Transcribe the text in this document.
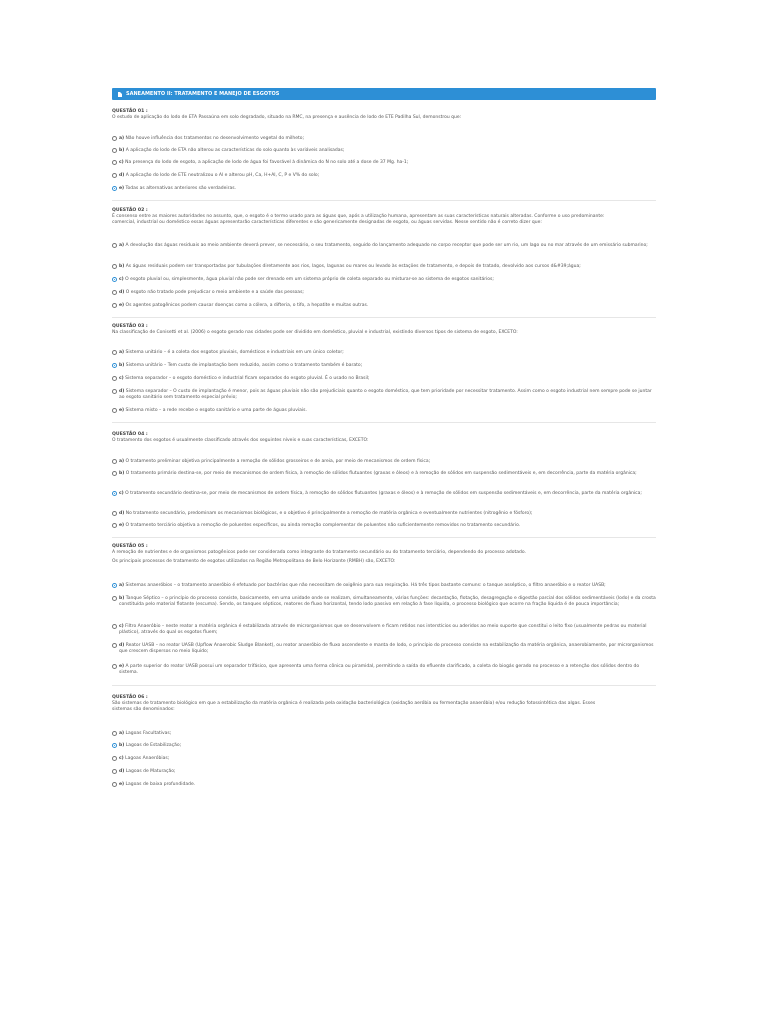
SANEAMENTO II: TRATAMENTO E MANEJO DE ESGOTOS
QUESTÃO 01 :
O estudo de aplicação do lodo de ETA Passaúna em solo degradado, situado na RMC, na presença e ausência de lodo de ETE Padilha Sul, demonstrou que:
a) Não houve influência dos tratamentos no desenvolvimento vegetal do milheto;
b) A aplicação do lodo de ETA não alterou as características do solo quanto às variáveis analisadas;
c) Na presença do lodo de esgoto, a aplicação de lodo de água foi favorável à dinâmica do N no solo até a dose de 37 Mg. ha-1;
d) A aplicação do lodo de ETE neutralizou o Al e alterou pH, Ca, H+Al, C, P e V% do solo;
e) Todas as alternativas anteriores são verdadeiras.
QUESTÃO 02 :
É consenso entre as maiores autoridades no assunto, que, o esgoto é o termo usado para as águas que, após a utilização humana, apresentam as suas características naturais alteradas. Conforme o uso predominante:
comercial, industrial ou doméstico essas águas apresentarão características diferentes e são genericamente designadas de esgoto, ou águas servidas. Nesse sentido não é correto dizer que:
a) A devolução das águas residuais ao meio ambiente deverá prever, se necessário, o seu tratamento, seguido do lançamento adequado no corpo receptor que pode ser um rio, um lago ou no mar através de um emissário submarino;
b) As águas residuais podem ser transportadas por tubulações diretamente aos rios, lagos, lagunas ou mares ou levado às estações de tratamento, e depois de tratado, devolvido aos cursos d&#39;água;
c) O esgoto pluvial ou, simplesmente, água pluvial não pode ser drenado em um sistema próprio de coleta separado ou misturar-se ao sistema de esgotos sanitários;
d) O esgoto não tratado pode prejudicar o meio ambiente e a saúde das pessoas;
e) Os agentes patogênicos podem causar doenças como a cólera, a difteria, o tifo, a hepatite e muitas outras.
QUESTÃO 03 :
Na classificação de Conisetti et al. (2006) o esgoto gerado nas cidades pode ser dividido em doméstico, pluvial e industrial, existindo diversos tipos de sistema de esgoto, EXCETO:
a) Sistema unitário – é a coleta dos esgotos pluviais, domésticos e industriais em um único coletor;
b) Sistema unitário – Tem custo de implantação bem reduzido, assim como o tratamento também é barato;
c) Sistema separador – o esgoto doméstico e industrial ficam separados do esgoto pluvial. É o usado no Brasil;
d) Sistema separador – O custo de implantação é menor, pois as águas pluviais não são prejudiciais quanto o esgoto doméstico, que tem prioridade por necessitar tratamento. Assim como o esgoto industrial nem sempre pode se juntar ao esgoto sanitário sem tratamento especial prévio;
e) Sistema misto – a rede recebe o esgoto sanitário e uma parte de águas pluviais.
QUESTÃO 04 :
O tratamento dos esgotos é usualmente classificado através dos seguintes níveis e suas características, EXCETO:
a) O tratamento preliminar objetiva principalmente a remoção de sólidos grosseiros e de areia, por meio de mecanismos de ordem física;
b) O tratamento primário destina-se, por meio de mecanismos de ordem física, à remoção de sólidos flutuantes (graxas e óleos) e à remoção de sólidos em suspensão sedimentáveis e, em decorrência, parte da matéria orgânica;
c) O tratamento secundário destina-se, por meio de mecanismos de ordem física, à remoção de sólidos flutuantes (graxas e óleos) e à remoção de sólidos em suspensão sedimentáveis e, em decorrência, parte da matéria orgânica;
d) No tratamento secundário, predominam os mecanismos biológicos, e o objetivo é principalmente a remoção de matéria orgânica e eventualmente nutrientes (nitrogênio e fósforo);
e) O tratamento terciário objetiva a remoção de poluentes específicos, ou ainda remoção complementar de poluentes não suficientemente removidos no tratamento secundário.
QUESTÃO 05 :
A remoção de nutrientes e de organismos patogênicos pode ser considerada como integrante do tratamento secundário ou do tratamento terciário, dependendo do processo adotado.
Os principais processos de tratamento de esgotos utilizados na Região Metropolitana de Belo Horizonte (RMBH) são, EXCETO:
a) Sistemas anaeróbios – o tratamento anaeróbio é efetuado por bactérias que não necessitam de oxigênio para sua respiração. Há três tipos bastante comuns: o tanque asséptico, o filtro anaeróbio e o reator UASB;
b) Tanque Séptico – o princípio do processo consiste, basicamente, em uma unidade onde se realizam, simultaneamente, várias funções: decantação, flotação, desagregação e digestão parcial dos sólidos sedimentáveis (lodo) e da crosta constituída pelo material flotante (escuma). Sendo, os tanques sépticos, reatores de fluxo horizontal, tendo lodo passivo em relação à fase líquida, o processo biológico que ocorre na fração líquida é de pouca importância;
c) Filtro Anaeróbio – neste reator a matéria orgânica é estabilizada através de microrganismos que se desenvolvem e ficam retidos nos interstícios ou aderidos ao meio suporte que constitui o leito fixo (usualmente pedras ou material plástico), através do qual os esgotos fluem;
d) Reator UASB – no reator UASB (Upflow Anaerobic Sludge Blanket), ou reator anaeróbio de fluxo ascendente e manta de lodo, o princípio do processo consiste na estabilização da matéria orgânica, anaerobiamente, por microrganismos que crescem dispersos no meio líquido;
e) A parte superior do reator UASB possui um separador trifásico, que apresenta uma forma cônica ou piramidal, permitindo a saída do efluente clarificado, a coleta do biogás gerado no processo e a retenção dos sólidos dentro do sistema.
QUESTÃO 06 :
São sistemas de tratamento biológico em que a estabilização da matéria orgânica é realizada pela oxidação bacteriológica (oxidação aeróbia ou fermentação anaeróbia) e/ou redução fotossintética das algas. Esses
sistemas são denominados:
a) Lagoas Facultativas;
b) Lagoas de Estabilização;
c) Lagoas Anaeróbias;
d) Lagoas de Maturação;
e) Lagoas de baixa profundidade.
